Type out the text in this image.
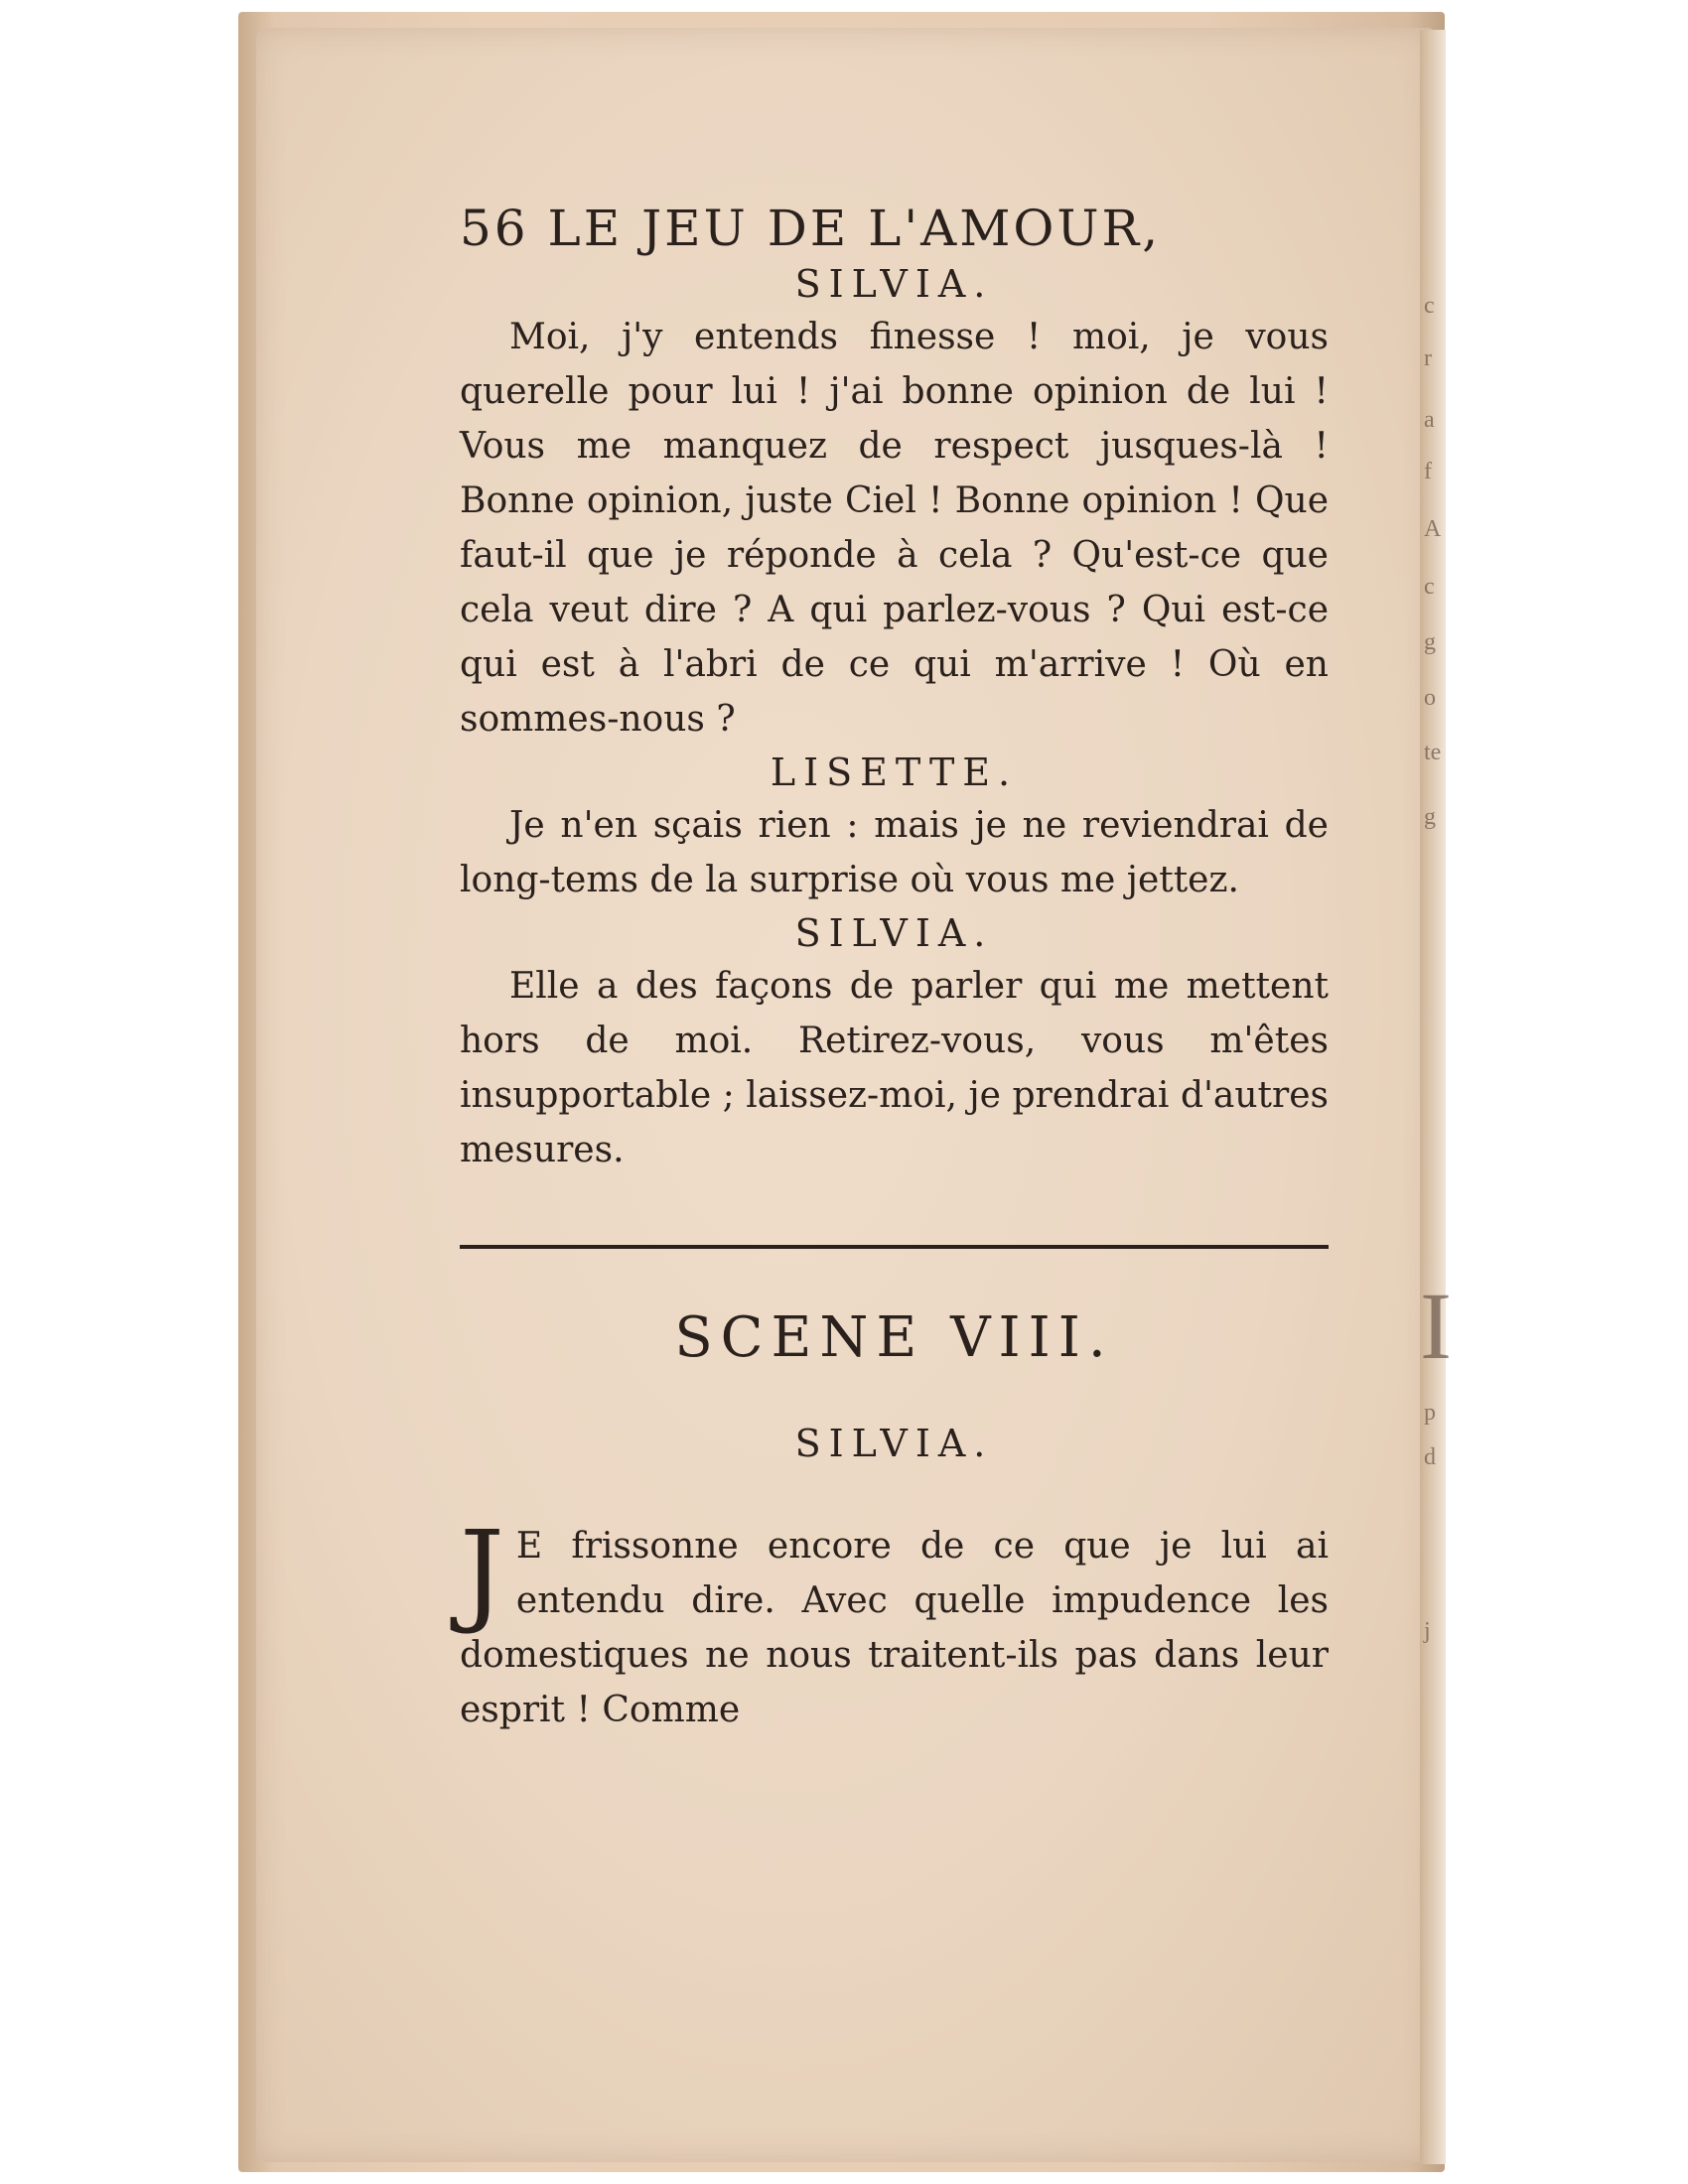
c
r
a
f
A
c
g
o
te
g
I
p
d
j
56 LE JEU DE L'AMOUR,
SILVIA.

Moi, j'y entends finesse ! moi, je vous querelle pour lui ! j'ai bonne opinion de lui ! Vous me manquez de respect jusques-là ! Bonne opinion, juste Ciel ! Bonne opinion ! Que faut-il que je réponde à cela ? Qu'est-ce que cela veut dire ? A qui parlez-vous ? Qui est-ce qui est à l'abri de ce qui m'arrive ! Où en sommes-nous ?

LISETTE.

Je n'en sçais rien : mais je ne reviendrai de long-tems de la surprise où vous me jettez.

SILVIA.

Elle a des façons de parler qui me mettent hors de moi. Retirez-vous, vous m'êtes insupportable ; laissez-moi, je prendrai d'autres mesures.

SCENE VIII.
SILVIA.

J E frissonne encore de ce que je lui ai entendu dire. Avec quelle impudence les domestiques ne nous traitent-ils pas dans leur esprit ! Comme
